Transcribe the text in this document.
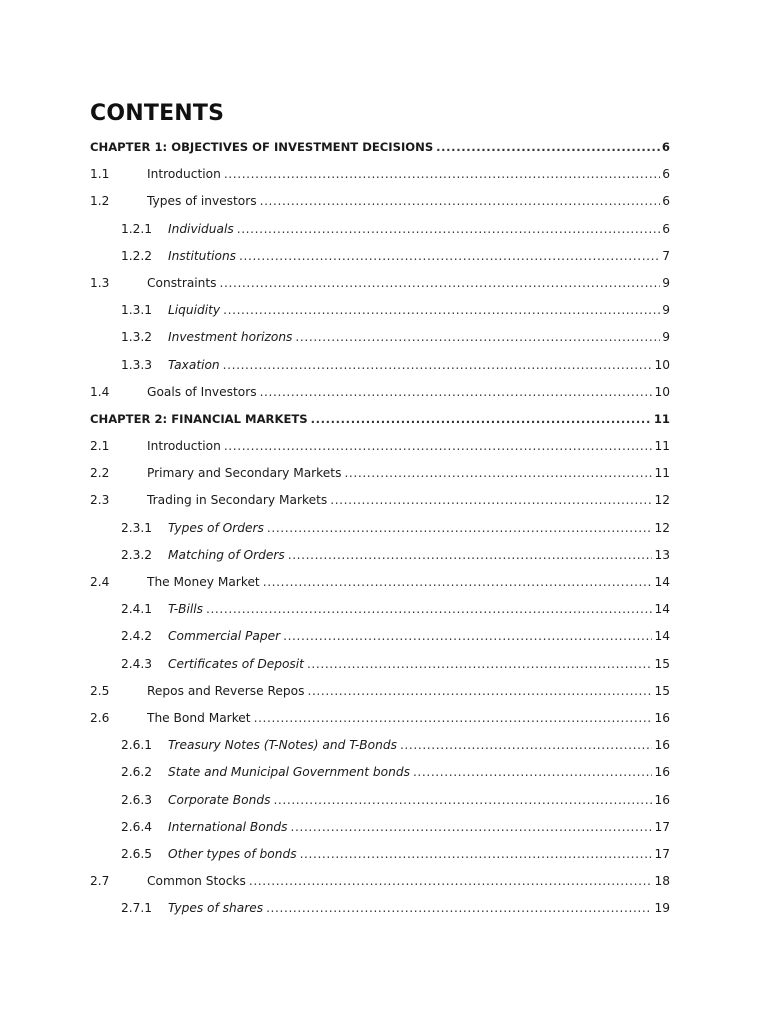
CONTENTS
CHAPTER 1: OBJECTIVES OF INVESTMENT DECISIONS .....	6
1.1	Introduction .....	6
1.2	Types of investors .....	6
1.2.1	Individuals .....	6
1.2.2	Institutions .....	7
1.3	Constraints .....	9
1.3.1	Liquidity .....	9
1.3.2	Investment horizons .....	9
1.3.3	Taxation .....	10
1.4	Goals of Investors .....	10
CHAPTER 2: FINANCIAL MARKETS .....	11
2.1	Introduction .....	11
2.2	Primary and Secondary Markets .....	11
2.3	Trading in Secondary Markets .....	12
2.3.1	Types of Orders .....	12
2.3.2	Matching of Orders .....	13
2.4	The Money Market .....	14
2.4.1	T-Bills .....	14
2.4.2	Commercial Paper .....	14
2.4.3	Certificates of Deposit .....	15
2.5	Repos and Reverse Repos .....	15
2.6	The Bond Market .....	16
2.6.1	Treasury Notes (T-Notes) and T-Bonds .....	16
2.6.2	State and Municipal Government bonds .....	16
2.6.3	Corporate Bonds .....	16
2.6.4	International Bonds .....	17
2.6.5	Other types of bonds .....	17
2.7	Common Stocks .....	18
2.7.1	Types of shares .....	19
